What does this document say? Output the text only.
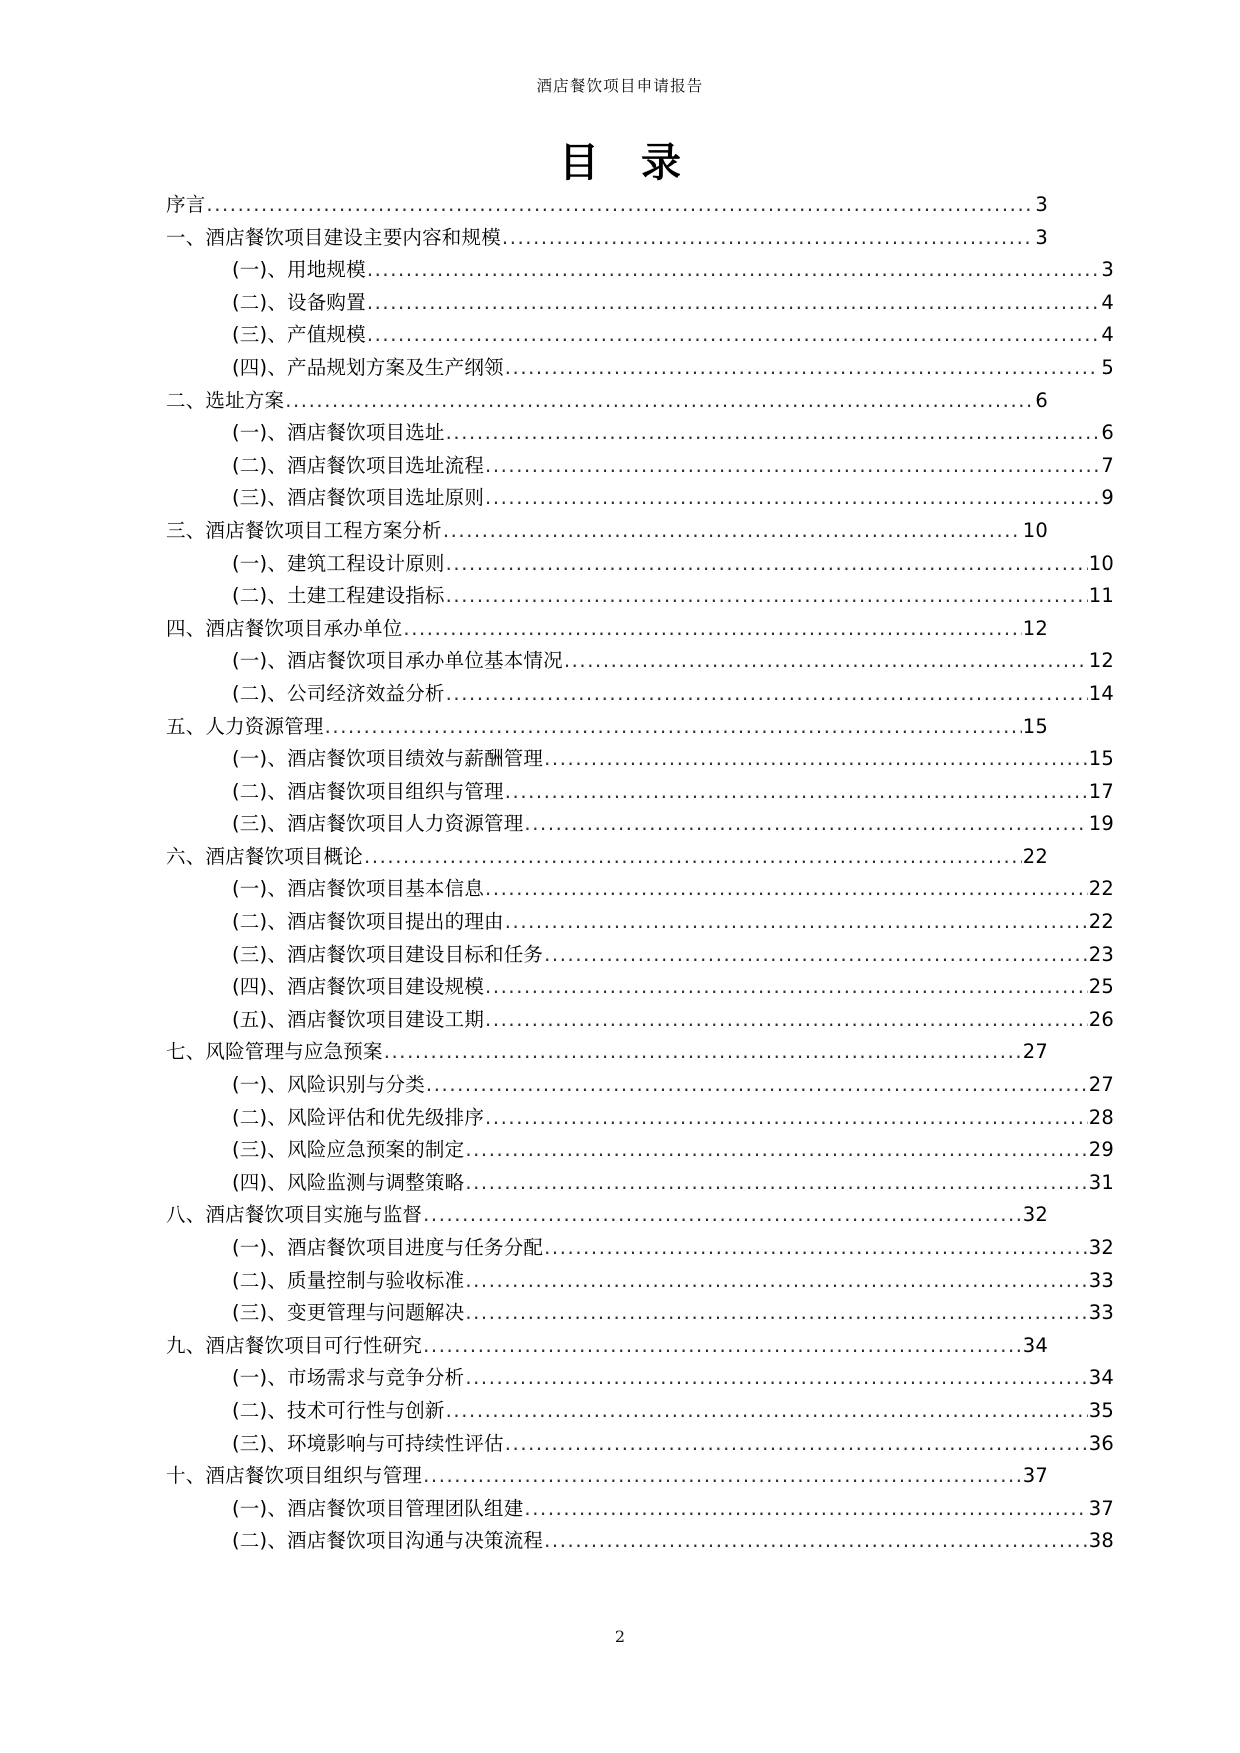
酒店餐饮项目申请报告
目 录
序言 .....	3
一、酒店餐饮项目建设主要内容和规模 .....	3
(一)、用地规模 .....	3
(二)、设备购置 .....	4
(三)、产值规模 .....	4
(四)、产品规划方案及生产纲领 .....	5
二、选址方案 .....	6
(一)、酒店餐饮项目选址 .....	6
(二)、酒店餐饮项目选址流程 .....	7
(三)、酒店餐饮项目选址原则 .....	9
三、酒店餐饮项目工程方案分析 .....	10
(一)、建筑工程设计原则 .....	10
(二)、土建工程建设指标 .....	11
四、酒店餐饮项目承办单位 .....	12
(一)、酒店餐饮项目承办单位基本情况 .....	12
(二)、公司经济效益分析 .....	14
五、人力资源管理 .....	15
(一)、酒店餐饮项目绩效与薪酬管理 .....	15
(二)、酒店餐饮项目组织与管理 .....	17
(三)、酒店餐饮项目人力资源管理 .....	19
六、酒店餐饮项目概论 .....	22
(一)、酒店餐饮项目基本信息 .....	22
(二)、酒店餐饮项目提出的理由 .....	22
(三)、酒店餐饮项目建设目标和任务 .....	23
(四)、酒店餐饮项目建设规模 .....	25
(五)、酒店餐饮项目建设工期 .....	26
七、风险管理与应急预案 .....	27
(一)、风险识别与分类 .....	27
(二)、风险评估和优先级排序 .....	28
(三)、风险应急预案的制定 .....	29
(四)、风险监测与调整策略 .....	31
八、酒店餐饮项目实施与监督 .....	32
(一)、酒店餐饮项目进度与任务分配 .....	32
(二)、质量控制与验收标准 .....	33
(三)、变更管理与问题解决 .....	33
九、酒店餐饮项目可行性研究 .....	34
(一)、市场需求与竞争分析 .....	34
(二)、技术可行性与创新 .....	35
(三)、环境影响与可持续性评估 .....	36
十、酒店餐饮项目组织与管理 .....	37
(一)、酒店餐饮项目管理团队组建 .....	37
(二)、酒店餐饮项目沟通与决策流程 .....	38
2
